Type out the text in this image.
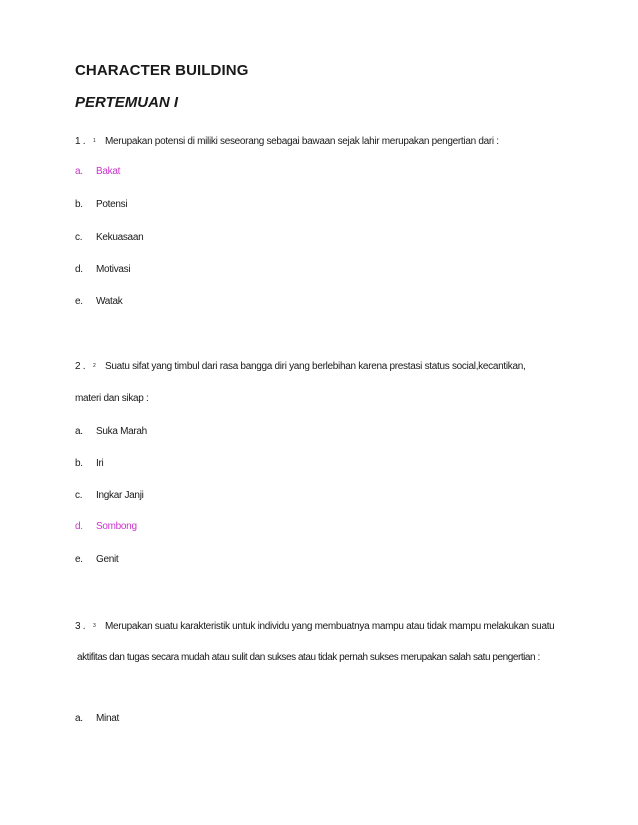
CHARACTER BUILDING
PERTEMUAN I
1 . 1 Merupakan potensi di miliki seseorang sebagai bawaan sejak lahir merupakan pengertian dari :
a. Bakat
b. Potensi
c. Kekuasaan
d. Motivasi
e. Watak
2 . 2 Suatu sifat yang timbul dari rasa bangga diri yang berlebihan karena prestasi status social,kecantikan,
materi dan sikap :
a. Suka Marah
b. Iri
c. Ingkar Janji
d. Sombong
e. Genit
3 . 3 Merupakan suatu karakteristik untuk individu yang membuatnya mampu atau tidak mampu melakukan suatu
aktifitas dan tugas secara mudah atau sulit dan sukses atau tidak pernah sukses merupakan salah satu pengertian :
a. Minat
